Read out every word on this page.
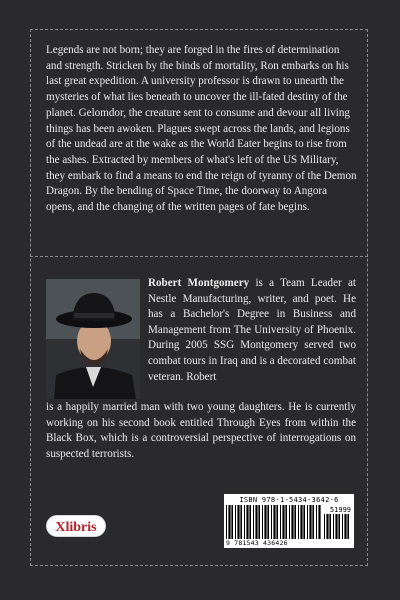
Legends are not born; they are forged in the fires of determination and strength. Stricken by the binds of mortality, Ron embarks on his last great expedition. A university professor is drawn to unearth the mysteries of what lies beneath to uncover the ill-fated destiny of the planet. Gelomdor, the creature sent to consume and devour all living things has been awoken. Plagues swept across the lands, and legions of the undead are at the wake as the World Eater begins to rise from the ashes. Extracted by members of what's left of the US Military, they embark to find a means to end the reign of tyranny of the Demon Dragon. By the bending of Space Time, the doorway to Angora opens, and the changing of the written pages of fate begins.

Robert Montgomery is a Team Leader at Nestle Manufacturing, writer, and poet. He has a Bachelor's Degree in Business and Management from The University of Phoenix. During 2005 SSG Montgomery served two combat tours in Iraq and is a decorated combat veteran. Robert

is a happily married man with two young daughters. He is currently working on his second book entitled Through Eyes from within the Black Box, which is a controversial perspective of interrogations on suspected terrorists.

Xlibris
ISBN 978-1-5434-3642-6
51999
9 781543 436426
